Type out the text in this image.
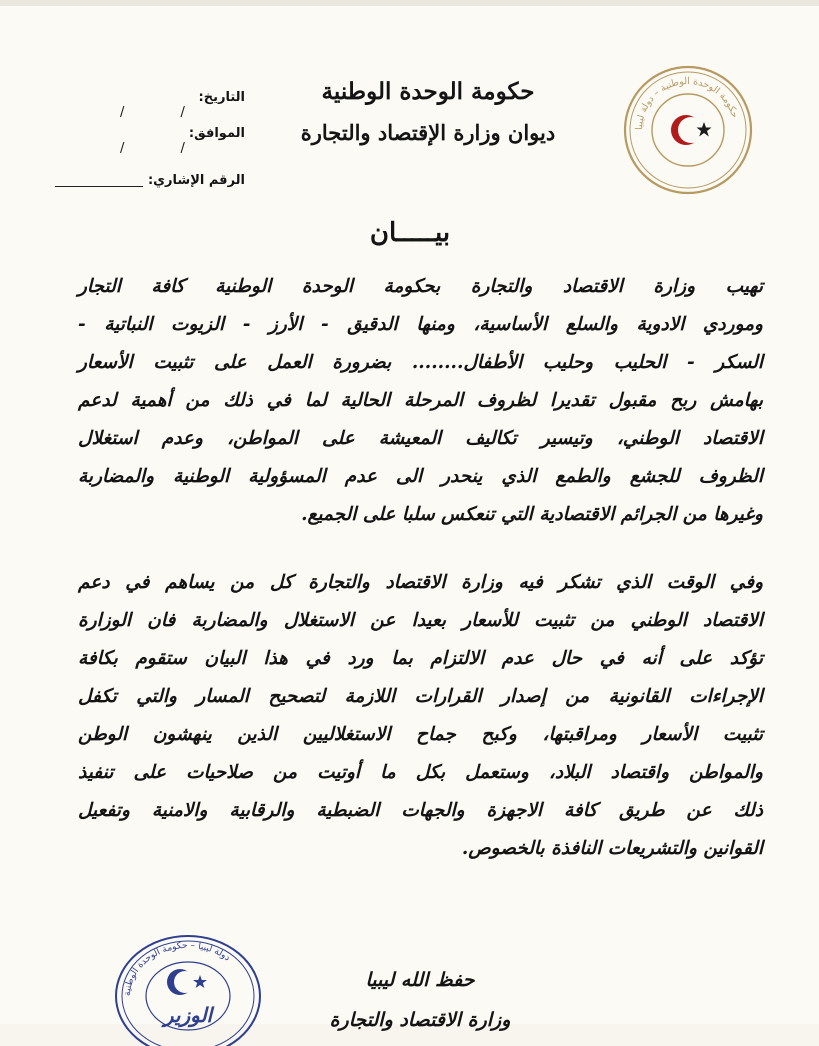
حكومة الوحدة الوطنية – دولة ليبيا
حكومة الوحدة الوطنية
ديوان وزارة الإقتصاد والتجارة
التاريخ:
/ /
الموافق:
/ /
الرقم الإشاري:
بيـــــان
تهيب وزارة الاقتصاد والتجارة بحكومة الوحدة الوطنية كافة التجار
وموردي الادوية والسلع الأساسية، ومنها الدقيق - الأرز - الزيوت النباتية -
السكر - الحليب وحليب الأطفال........ بضرورة العمل على تثبيت الأسعار
بهامش ربح مقبول تقديرا لظروف المرحلة الحالية لما في ذلك من أهمية لدعم
الاقتصاد الوطني، وتيسير تكاليف المعيشة على المواطن، وعدم استغلال
الظروف للجشع والطمع الذي ينحدر الى عدم المسؤولية الوطنية والمضاربة
وغيرها من الجرائم الاقتصادية التي تنعكس سلبا على الجميع.
وفي الوقت الذي تشكر فيه وزارة الاقتصاد والتجارة كل من يساهم في دعم
الاقتصاد الوطني من تثبيت للأسعار بعيدا عن الاستغلال والمضاربة فان الوزارة
تؤكد على أنه في حال عدم الالتزام بما ورد في هذا البيان ستقوم بكافة
الإجراءات القانونية من إصدار القرارات اللازمة لتصحيح المسار والتي تكفل
تثبيت الأسعار ومراقبتها، وكبح جماح الاستغلاليين الذين ينهشون الوطن
والمواطن واقتصاد البلاد، وستعمل بكل ما أوتيت من صلاحيات على تنفيذ
ذلك عن طريق كافة الاجهزة والجهات الضبطية والرقابية والامنية وتفعيل
القوانين والتشريعات النافذة بالخصوص.
دولة ليبيا – حكومة الوحدة الوطنية
الوزير
حفظ الله ليبيا
وزارة الاقتصاد والتجارة
